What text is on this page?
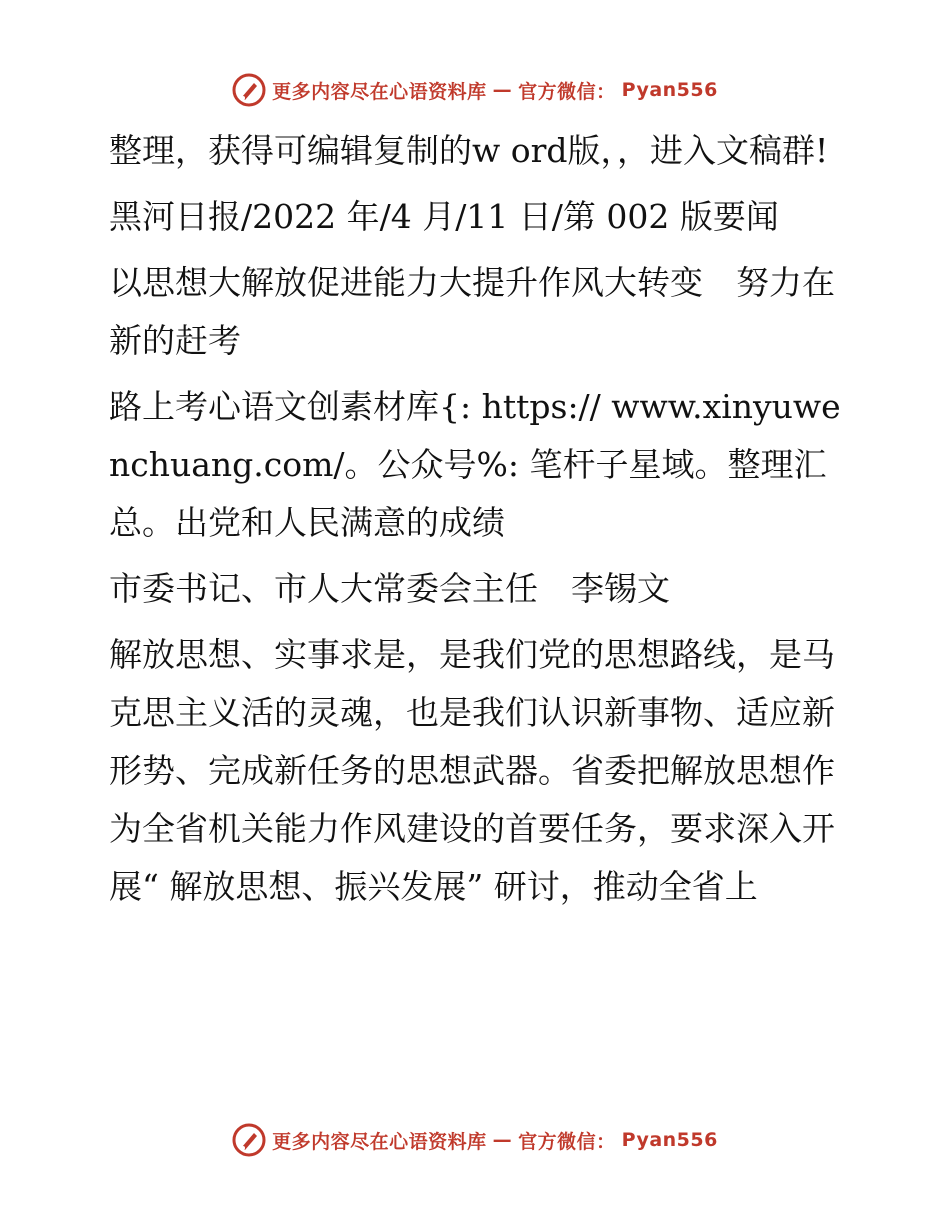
更多内容尽在心语资料库 — 官方微信： Pyan556

整理，获得可编辑复制的w ord版，，进入文稿群!

黑河日报/2022 年/4 月/11 日/第 002 版要闻

以思想大解放促进能力大提升作风大转变　努力在新的赶考

路上考心语文创素材库{: https:// www.xinyuwenchuang.com/。公众号%: 笔杆子星域。整理汇总。出党和人民满意的成绩

市委书记、市人大常委会主任　李锡文

解放思想、实事求是，是我们党的思想路线，是马克思主义活的灵魂，也是我们认识新事物、适应新形势、完成新任务的思想武器。省委把解放思想作为全省机关能力作风建设的首要任务，要求深入开展“ 解放思想、振兴发展” 研讨，推动全省上

更多内容尽在心语资料库 — 官方微信： Pyan556
